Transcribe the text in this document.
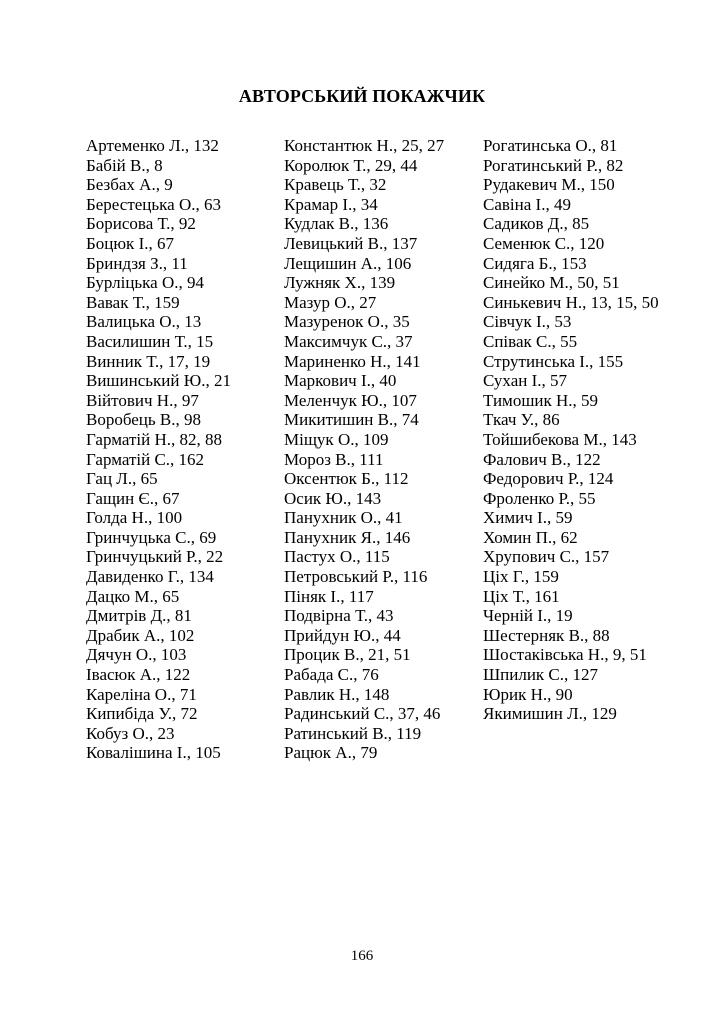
АВТОРСЬКИЙ ПОКАЖЧИК
Артеменко Л., 132
Бабій В., 8
Безбах А., 9
Берестецька О., 63
Борисова Т., 92
Боцюк І., 67
Бриндзя З., 11
Бурліцька О., 94
Вавак Т., 159
Валицька О., 13
Василишин Т., 15
Винник Т., 17, 19
Вишинський Ю., 21
Війтович Н., 97
Воробець В., 98
Гарматій Н., 82, 88
Гарматій С., 162
Гац Л., 65
Гащин Є., 67
Голда Н., 100
Гринчуцька С., 69
Гринчуцький Р., 22
Давиденко Г., 134
Дацко М., 65
Дмитрів Д., 81
Драбик А., 102
Дячун О., 103
Івасюк А., 122
Кареліна О., 71
Кипибіда У., 72
Кобуз О., 23
Ковалішина І., 105
Константюк Н., 25, 27
Королюк Т., 29, 44
Кравець Т., 32
Крамар І., 34
Кудлак В., 136
Левицький В., 137
Лещишин А., 106
Лужняк Х., 139
Мазур О., 27
Мазуренок О., 35
Максимчук С., 37
Мариненко Н., 141
Маркович І., 40
Меленчук Ю., 107
Микитишин В., 74
Міщук О., 109
Мороз В., 111
Оксентюк Б., 112
Осик Ю., 143
Панухник О., 41
Панухник Я., 146
Пастух О., 115
Петровський Р., 116
Піняк І., 117
Подвірна Т., 43
Прийдун Ю., 44
Процик В., 21, 51
Рабада С., 76
Равлик Н., 148
Радинський С., 37, 46
Ратинський В., 119
Рацюк А., 79
Рогатинська О., 81
Рогатинський Р., 82
Рудакевич М., 150
Савіна І., 49
Садиков Д., 85
Семенюк С., 120
Сидяга Б., 153
Синейко М., 50, 51
Синькевич Н., 13, 15, 50
Сівчук І., 53
Співак С., 55
Струтинська І., 155
Сухан І., 57
Тимошик Н., 59
Ткач У., 86
Тойшибекова М., 143
Фалович В., 122
Федорович Р., 124
Фроленко Р., 55
Химич І., 59
Хомин П., 62
Хрупович С., 157
Ціх Г., 159
Ціх Т., 161
Черній І., 19
Шестерняк В., 88
Шостаківська Н., 9, 51
Шпилик С., 127
Юрик Н., 90
Якимишин Л., 129
166
